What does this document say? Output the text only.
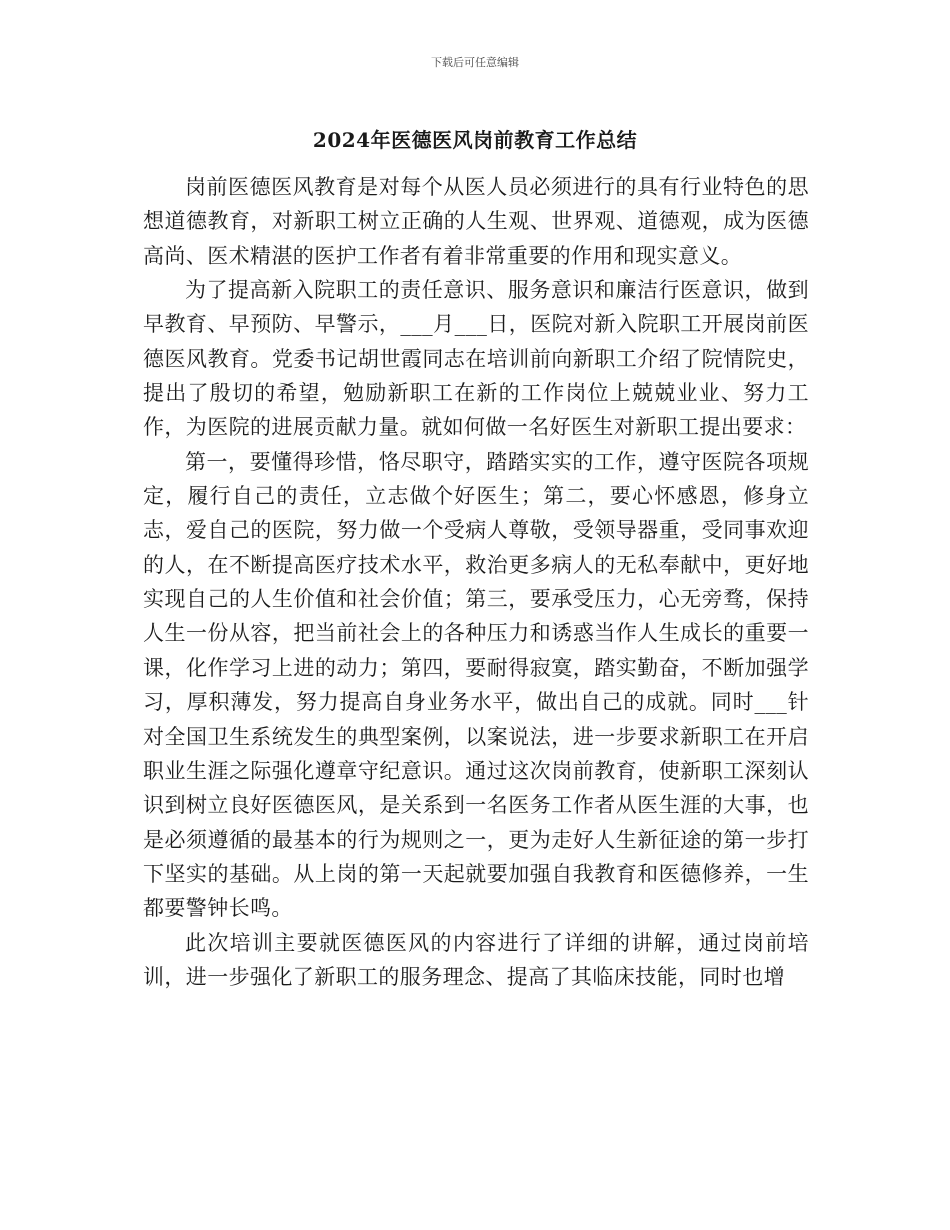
下载后可任意编辑
2024年医德医风岗前教育工作总结

岗前医德医风教育是对每个从医人员必须进行的具有行业特色的思想道德教育，对新职工树立正确的人生观、世界观、道德观，成为医德高尚、医术精湛的医护工作者有着非常重要的作用和现实意义。

为了提高新入院职工的责任意识、服务意识和廉洁行医意识，做到早教育、早预防、早警示，___月___日，医院对新入院职工开展岗前医德医风教育。党委书记胡世霞同志在培训前向新职工介绍了院情院史，提出了殷切的希望，勉励新职工在新的工作岗位上兢兢业业、努力工作，为医院的进展贡献力量。就如何做一名好医生对新职工提出要求：

第一，要懂得珍惜，恪尽职守，踏踏实实的工作，遵守医院各项规定，履行自己的责任，立志做个好医生；第二，要心怀感恩，修身立志，爱自己的医院，努力做一个受病人尊敬，受领导器重，受同事欢迎的人，在不断提高医疗技术水平，救治更多病人的无私奉献中，更好地实现自己的人生价值和社会价值；第三，要承受压力，心无旁骛，保持人生一份从容，把当前社会上的各种压力和诱惑当作人生成长的重要一课，化作学习上进的动力；第四，要耐得寂寞，踏实勤奋，不断加强学习，厚积薄发，努力提高自身业务水平，做出自己的成就。同时___针对全国卫生系统发生的典型案例，以案说法，进一步要求新职工在开启职业生涯之际强化遵章守纪意识。通过这次岗前教育，使新职工深刻认识到树立良好医德医风，是关系到一名医务工作者从医生涯的大事，也是必须遵循的最基本的行为规则之一，更为走好人生新征途的第一步打下坚实的基础。从上岗的第一天起就要加强自我教育和医德修养，一生都要警钟长鸣。

此次培训主要就医德医风的内容进行了详细的讲解，通过岗前培训，进一步强化了新职工的服务理念、提高了其临床技能，同时也增
